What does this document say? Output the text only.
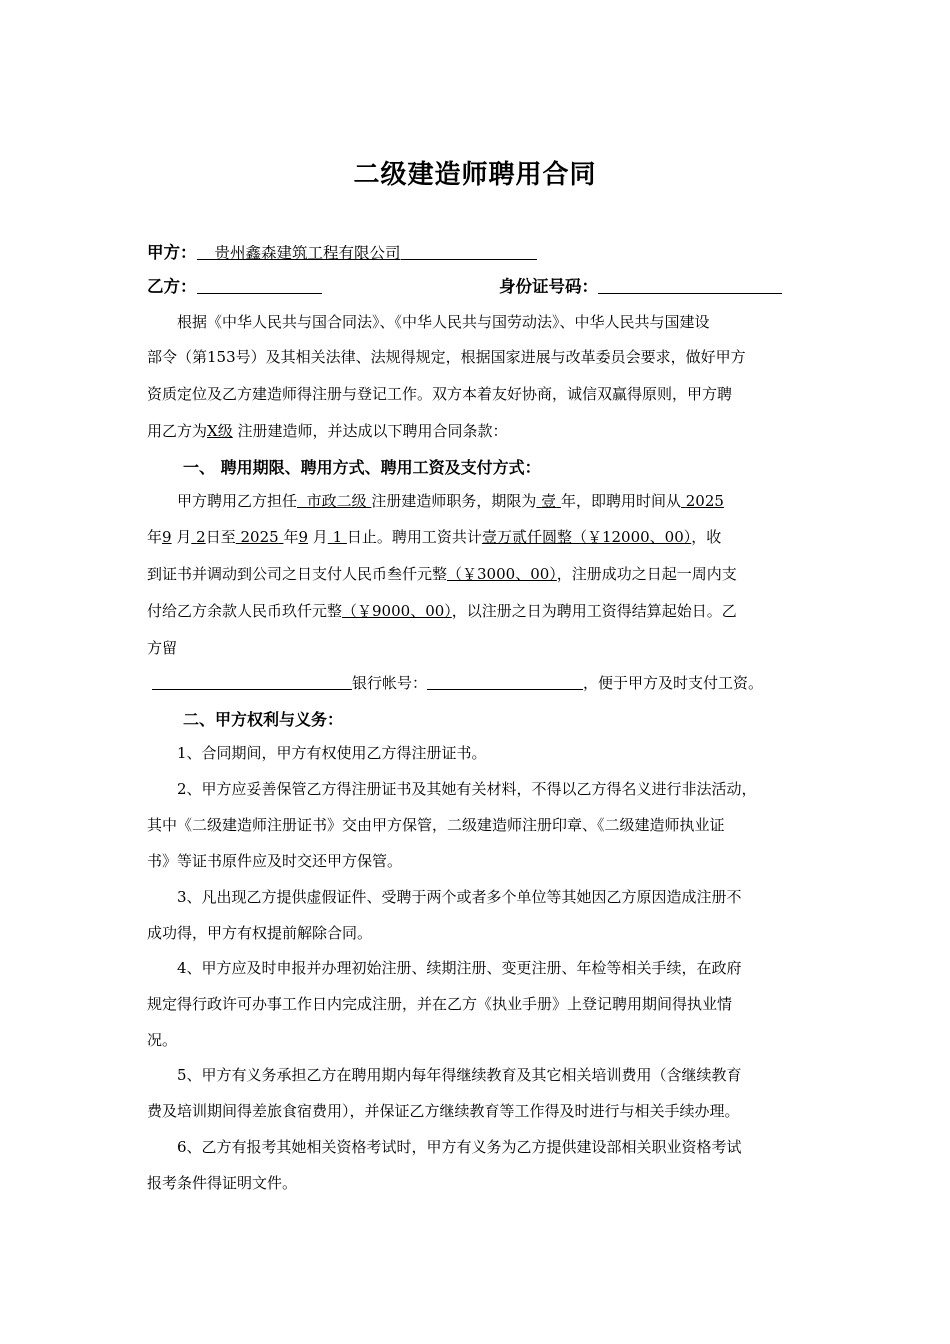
二级建造师聘用合同
甲方： 贵州鑫森建筑工程有限公司
乙方：	身份证号码：
根据《中华人民共与国合同法》、《中华人民共与国劳动法》、中华人民共与国建设
部令（第153号）及其相关法律、法规得规定，根据国家进展与改革委员会要求，做好甲方
资质定位及乙方建造师得注册与登记工作。双方本着友好协商，诚信双赢得原则，甲方聘
用乙方为X级 注册建造师，并达成以下聘用合同条款：
一、 聘用期限、聘用方式、聘用工资及支付方式：
甲方聘用乙方担任 市政二级 注册建造师职务，期限为 壹 年，即聘用时间从 2025
年9 月 2日至 2025 年9 月 1 日止。聘用工资共计壹万贰仟圆整（￥12000、00），收
到证书并调动到公司之日支付人民币叁仟元整（￥3000、00），注册成功之日起一周内支
付给乙方余款人民币玖仟元整（￥9000、00），以注册之日为聘用工资得结算起始日。乙
方留
银行帐号：	，便于甲方及时支付工资。
二、甲方权利与义务：
1、合同期间，甲方有权使用乙方得注册证书。
2、甲方应妥善保管乙方得注册证书及其她有关材料，不得以乙方得名义进行非法活动，
其中《二级建造师注册证书》交由甲方保管，二级建造师注册印章、《二级建造师执业证
书》等证书原件应及时交还甲方保管。
3、凡出现乙方提供虚假证件、受聘于两个或者多个单位等其她因乙方原因造成注册不
成功得，甲方有权提前解除合同。
4、甲方应及时申报并办理初始注册、续期注册、变更注册、年检等相关手续，在政府
规定得行政许可办事工作日内完成注册，并在乙方《执业手册》上登记聘用期间得执业情
况。
5、甲方有义务承担乙方在聘用期内每年得继续教育及其它相关培训费用（含继续教育
费及培训期间得差旅食宿费用），并保证乙方继续教育等工作得及时进行与相关手续办理。
6、乙方有报考其她相关资格考试时，甲方有义务为乙方提供建设部相关职业资格考试
报考条件得证明文件。
